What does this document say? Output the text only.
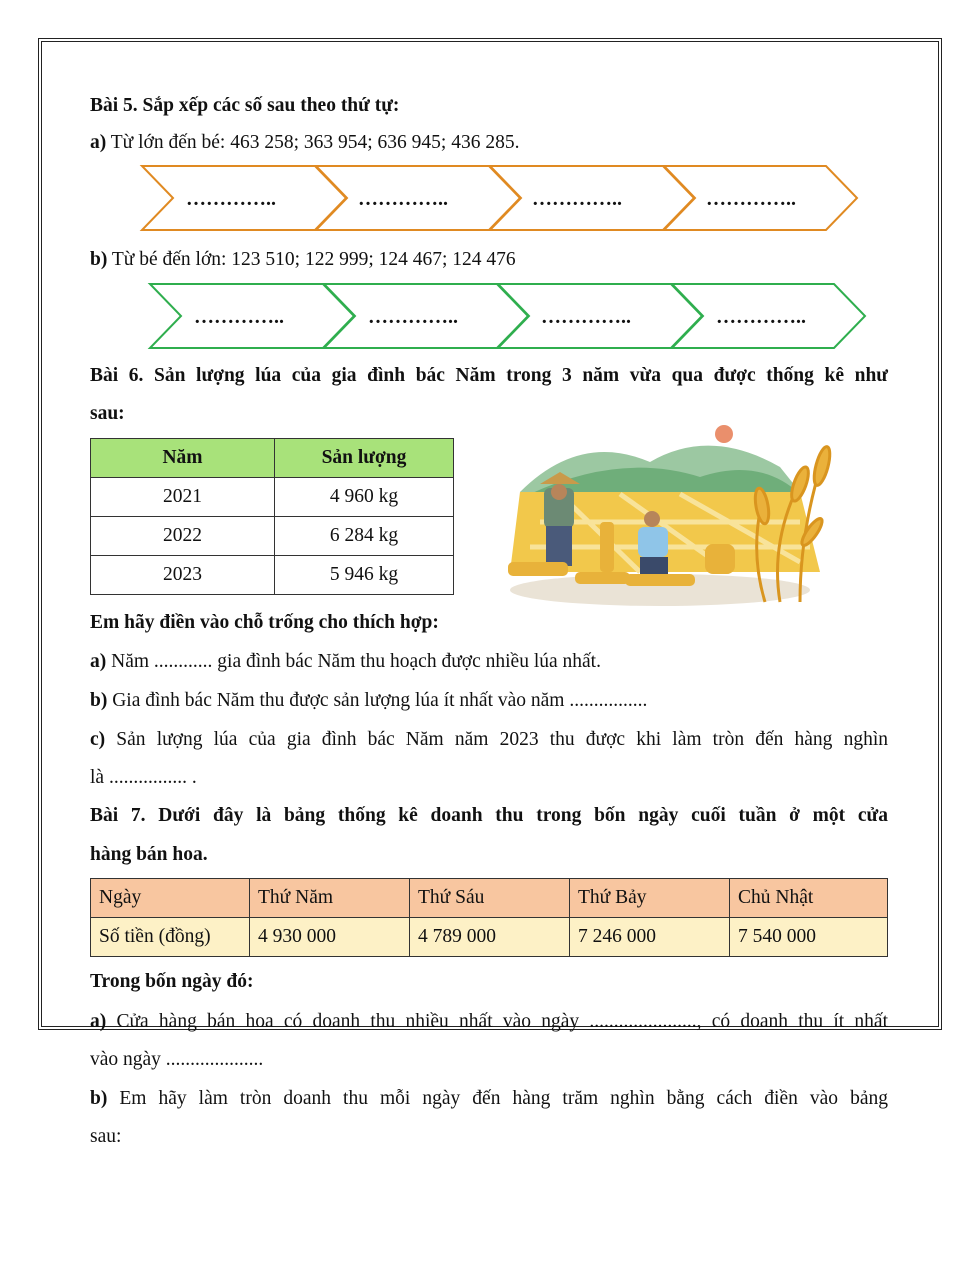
Bài 5. Sắp xếp các số sau theo thứ tự:
a) Từ lớn đến bé: 463 258; 363 954; 636 945; 436 285.
…………..	…………..	…………..	…………..
b) Từ bé đến lớn: 123 510; 122 999; 124 467; 124 476
…………..	…………..	…………..	…………..
Bài 6. Sản lượng lúa của gia đình bác Năm trong 3 năm vừa qua được thống kê như
sau:
Năm	Sản lượng
2021	4 960 kg
2022	6 284 kg
2023	5 946 kg
Em hãy điền vào chỗ trống cho thích hợp:
a) Năm ............ gia đình bác Năm thu hoạch được nhiều lúa nhất.
b) Gia đình bác Năm thu được sản lượng lúa ít nhất vào năm ................
c) Sản lượng lúa của gia đình bác Năm năm 2023 thu được khi làm tròn đến hàng nghìn
là ................ .
Bài 7. Dưới đây là bảng thống kê doanh thu trong bốn ngày cuối tuần ở một cửa
hàng bán hoa.
Ngày	Thứ Năm	Thứ Sáu	Thứ Bảy	Chủ Nhật
Số tiền (đồng)	4 930 000	4 789 000	7 246 000	7 540 000
Trong bốn ngày đó:
a) Cửa hàng bán hoa có doanh thu nhiều nhất vào ngày ......................, có doanh thu ít nhất
vào ngày ....................
b) Em hãy làm tròn doanh thu mỗi ngày đến hàng trăm nghìn bằng cách điền vào bảng
sau:
